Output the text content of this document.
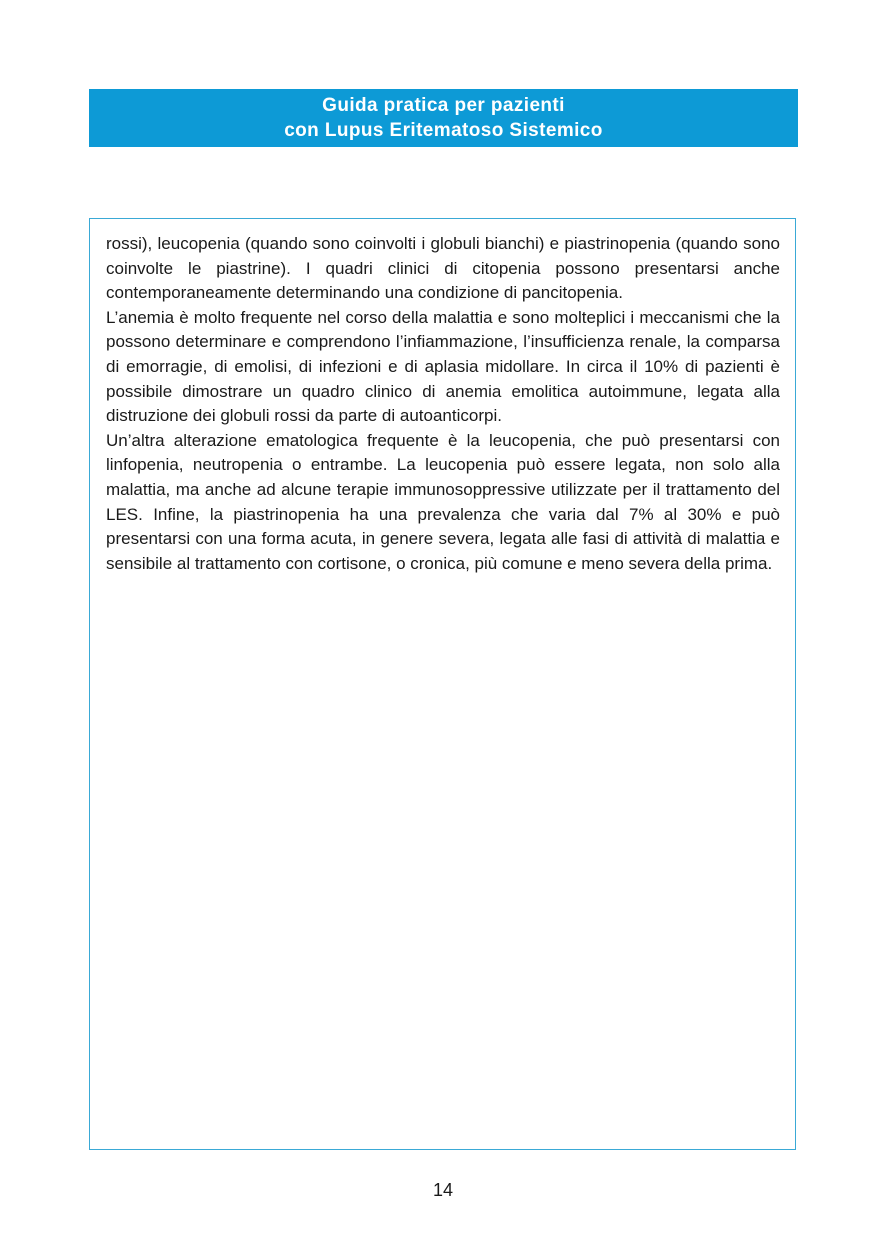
Guida pratica per pazienti
con Lupus Eritematoso Sistemico
rossi), leucopenia (quando sono coinvolti i globuli bianchi) e piastrinopenia (quando sono coinvolte le piastrine). I quadri clinici di citopenia possono presentarsi anche contemporaneamente determinando una condizione di pancitopenia.
L’anemia è molto frequente nel corso della malattia e sono molteplici i meccanismi che la possono determinare e comprendono l’infiammazione, l’insufficienza renale, la comparsa di emorragie, di emolisi, di infezioni e di aplasia midollare. In circa il 10% di pazienti è possibile dimostrare un quadro clinico di anemia emolitica autoimmune, legata alla distruzione dei globuli rossi da parte di autoanticorpi.
Un’altra alterazione ematologica frequente è la leucopenia, che può presentarsi con linfopenia, neutropenia o entrambe. La leucopenia può essere legata, non solo alla malattia, ma anche ad alcune terapie immunosoppressive utilizzate per il trattamento del LES. Infine, la piastrinopenia ha una prevalenza che varia dal 7% al 30% e può presentarsi con una forma acuta, in genere severa, legata alle fasi di attività di malattia e sensibile al trattamento con cortisone, o cronica, più comune e meno severa della prima.
14
